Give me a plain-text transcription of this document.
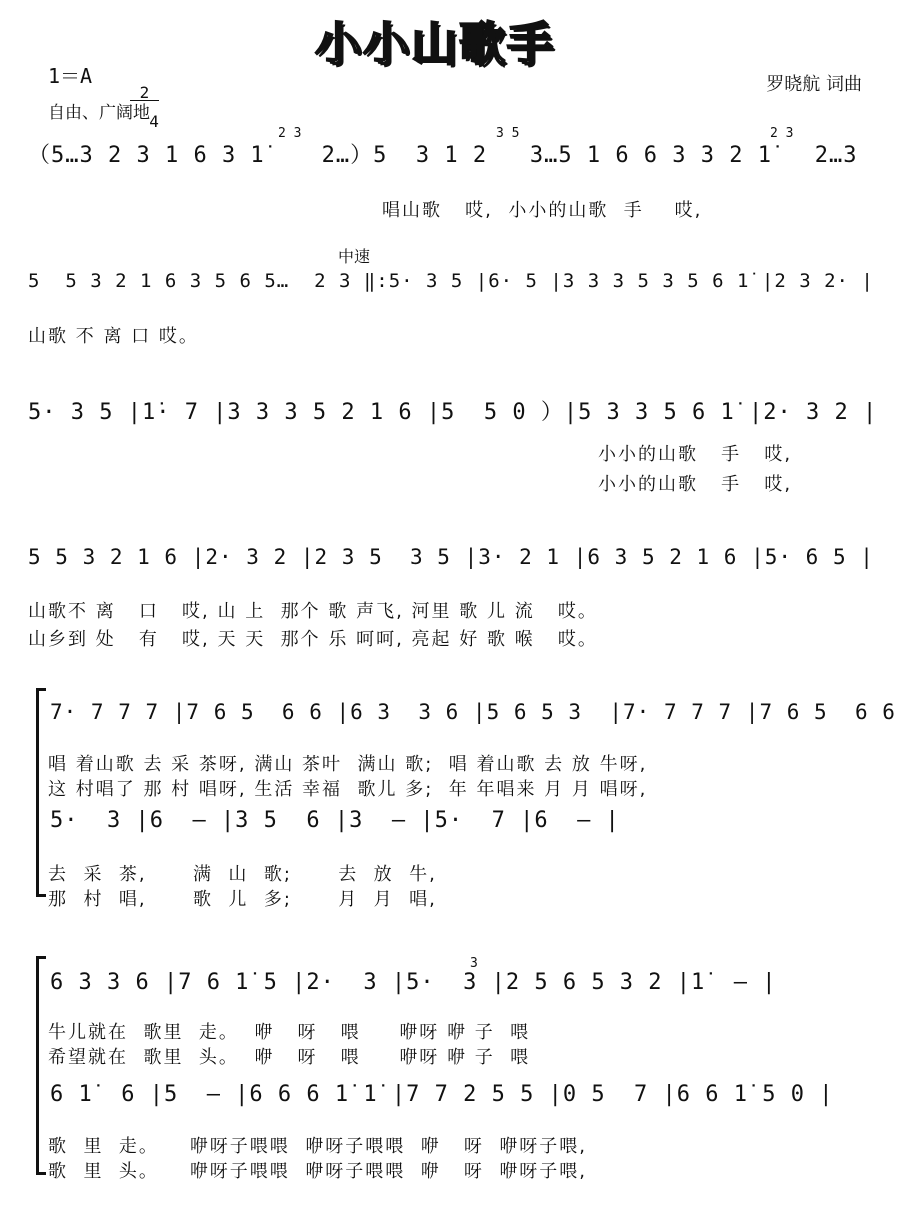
小小山歌手
1＝A

2

4

自由、广阔地
罗晓航 词曲
中速
2 3	3 5	2 3
（5…3 2 3 1 6 3 1̇    2…）5  3 1 2   3…5 1 6 6 3 3 2 1̇   2…3
唱山歌   哎,  小小的山歌  手    哎,
5  5 3 2 1 6 3 5 6 5…  2 3 ‖:5· 3 5 |6· 5 |3 3 3 5 3 5 6 1̇ |2 3 2· |
山歌 不 离 口 哎。
5· 3 5 |1̇· 7 |3 3 3 5 2 1 6 |5  5 0 ）|5 3 3 5 6 1̇ |2· 3 2 |
小小的山歌   手   哎,
小小的山歌   手   哎,
5 5 3 2 1 6 |2· 3 2 |2 3 5  3 5 |3· 2 1 |6 3 5 2 1 6 |5· 6 5 |
山歌不 离   口   哎, 山 上  那个 歌 声飞, 河里 歌 儿 流   哎。
山乡到 处   有   哎, 天 天  那个 乐 呵呵, 亮起 好 歌 喉   哎。
7· 7 7 7 |7 6 5  6 6 |6 3  3 6 |5 6 5 3  |7· 7 7 7 |7 6 5  6 6
唱 着山歌 去 采 茶呀, 满山 茶叶  满山 歌;  唱 着山歌 去 放 牛呀,
这 村唱了 那 村 唱呀, 生活 幸福  歌儿 多;  年 年唱来 月 月 唱呀,
5·  3 |6  — |3 5  6 |3  — |5·  7 |6  — |
去  采  茶,      满  山  歌;      去  放  牛,
那  村  唱,      歌  儿  多;      月  月  唱,
3
6 3 3 6 |7 6 1̇ 5 |2·  3 |5·  3 |2 5 6 5 3 2 |1̇  — |
牛儿就在  歌里  走。  咿   呀   喂     咿呀 咿 子  喂
希望就在  歌里  头。  咿   呀   喂     咿呀 咿 子  喂
6 1̇  6 |5  — |6 6 6 1̇ 1̇ |7 7 2 5 5 |0 5  7 |6 6 1̇ 5 0 |
歌  里  走。    咿呀子喂喂  咿呀子喂喂  咿   呀  咿呀子喂,
歌  里  头。    咿呀子喂喂  咿呀子喂喂  咿   呀  咿呀子喂,
